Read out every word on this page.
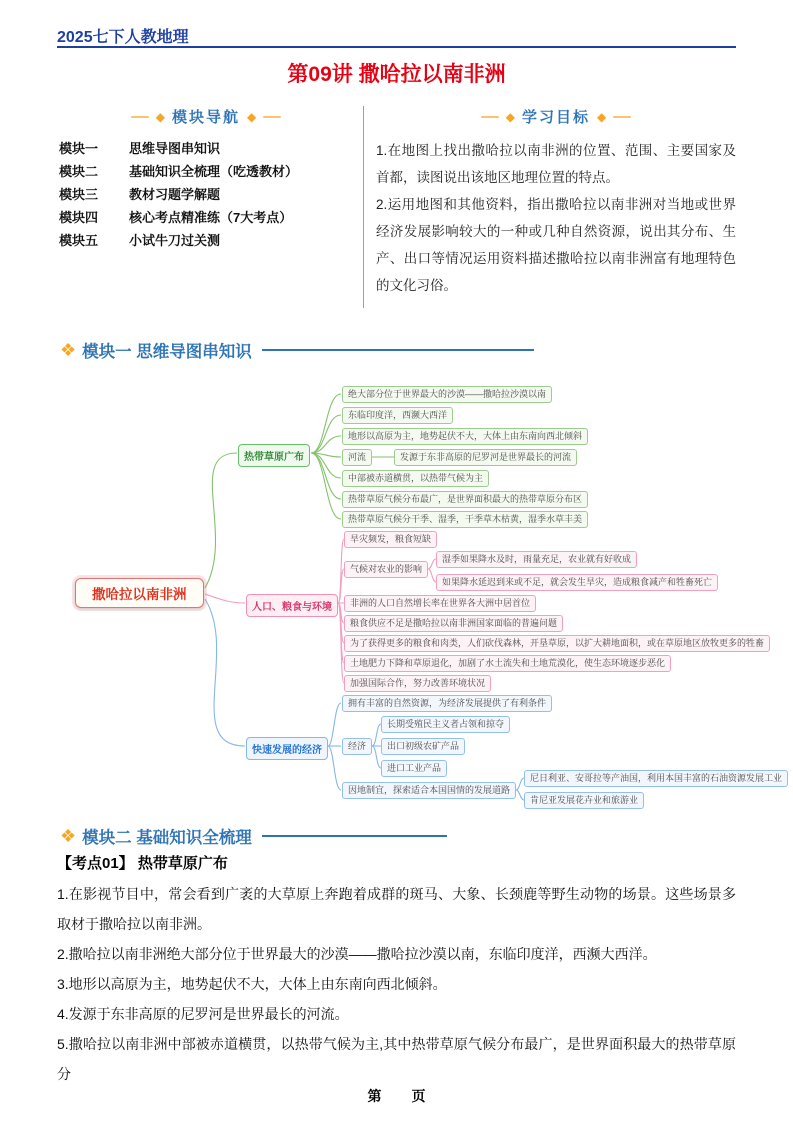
2025七下人教地理
第09讲 撒哈拉以南非洲
◆ 模块导航 ◆
模块一	思维导图串知识
模块二	基础知识全梳理（吃透教材）
模块三	教材习题学解题
模块四	核心考点精准练（7大考点）
模块五	小试牛刀过关测
◆ 学习目标 ◆
1.在地图上找出撒哈拉以南非洲的位置、范围、主要国家及首都，读图说出该地区地理位置的特点。
2.运用地图和其他资料，指出撒哈拉以南非洲对当地或世界经济发展影响较大的一种或几种自然资源，说出其分布、生产、出口等情况运用资料描述撒哈拉以南非洲富有地理特色的文化习俗。
❖ 模块一 思维导图串知识
撒哈拉以南非洲
热带草原广布
绝大部分位于世界最大的沙漠——撒哈拉沙漠以南
东临印度洋，西濒大西洋
地形以高原为主，地势起伏不大，大体上由东南向西北倾斜
河流	发源于东非高原的尼罗河是世界最长的河流
中部被赤道横贯，以热带气候为主
热带草原气候分布最广，是世界面积最大的热带草原分布区
热带草原气候分干季、湿季，干季草木枯黄，湿季水草丰美
人口、粮食与环境
旱灾频发，粮食短缺
气候对农业的影响
湿季如果降水及时，雨量充足，农业就有好收成
如果降水延迟到来或不足，就会发生旱灾，造成粮食减产和牲畜死亡
非洲的人口自然增长率在世界各大洲中居首位
粮食供应不足是撒哈拉以南非洲国家面临的普遍问题
为了获得更多的粮食和肉类，人们砍伐森林，开垦草原，以扩大耕地面积，或在草原地区放牧更多的牲畜
土地肥力下降和草原退化，加剧了水土流失和土地荒漠化，使生态环境逐步恶化
加强国际合作，努力改善环境状况
快速发展的经济
拥有丰富的自然资源，为经济发展提供了有利条件
经济
长期受殖民主义者占领和掠夺
出口初级农矿产品
进口工业产品
因地制宜，探索适合本国国情的发展道路
尼日利亚、安哥拉等产油国，利用本国丰富的石油资源发展工业
肯尼亚发展花卉业和旅游业
❖ 模块二 基础知识全梳理
【考点01】 热带草原广布

1.在影视节目中，常会看到广袤的大草原上奔跑着成群的斑马、大象、长颈鹿等野生动物的场景。这些场景多取材于撒哈拉以南非洲。

2.撒哈拉以南非洲绝大部分位于世界最大的沙漠——撒哈拉沙漠以南，东临印度洋，西濒大西洋。

3.地形以高原为主，地势起伏不大，大体上由东南向西北倾斜。

4.发源于东非高原的尼罗河是世界最长的河流。

5.撒哈拉以南非洲中部被赤道横贯，以热带气候为主,其中热带草原气候分布最广，是世界面积最大的热带草原分

第 页
